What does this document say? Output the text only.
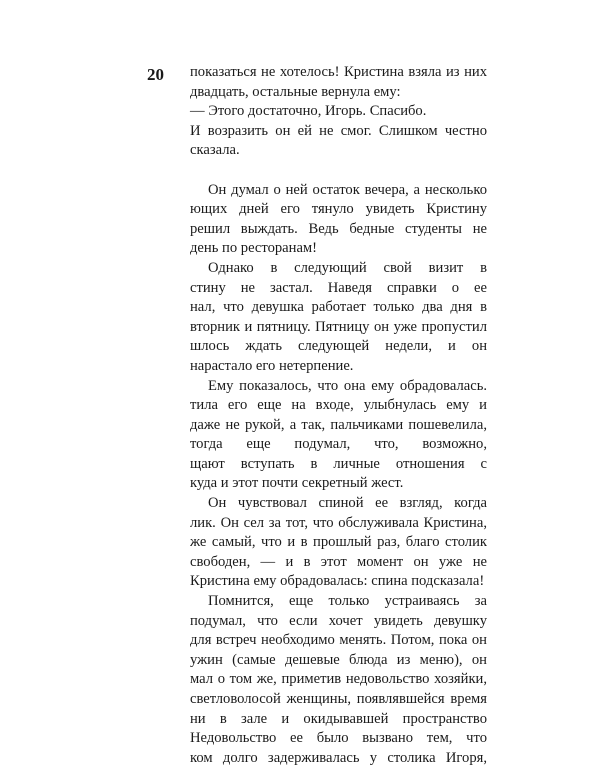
20 показаться не хотелось! Кристина взяла из них
двадцать, остальные вернула ему:
— Этого достаточно, Игорь. Спасибо.
И возразить он ей не смог. Слишком честно
сказала.
Он думал о ней остаток вечера, а несколько
ющих дней его тянуло увидеть Кристину
решил выждать. Ведь бедные студенты не
день по ресторанам!
Однако в следующий свой визит в
стину не застал. Наведя справки о ее
нал, что девушка работает только два дня в
вторник и пятницу. Пятницу он уже пропустил
шлось ждать следующей недели, и он
нарастало его нетерпение.
Ему показалось, что она ему обрадовалась.
тила его еще на входе, улыбнулась ему и
даже не рукой, а так, пальчиками пошевелила,
тогда еще подумал, что, возможно,
щают вступать в личные отношения с
куда и этот почти секретный жест.
Он чувствовал спиной ее взгляд, когда
лик. Он сел за тот, что обслуживала Кристина,
же самый, что и в прошлый раз, благо столик
свободен, — и в этот момент он уже не
Кристина ему обрадовалась: спина подсказала!
Помнится, еще только устраиваясь за
подумал, что если хочет увидеть девушку
для встреч необходимо менять. Потом, пока он
ужин (самые дешевые блюда из меню), он
мал о том же, приметив недовольство хозяйки,
светловолосой женщины, появлявшейся время
ни в зале и окидывавшей пространство
Недовольство ее было вызвано тем, что
ком долго задерживалась у столика Игоря,
